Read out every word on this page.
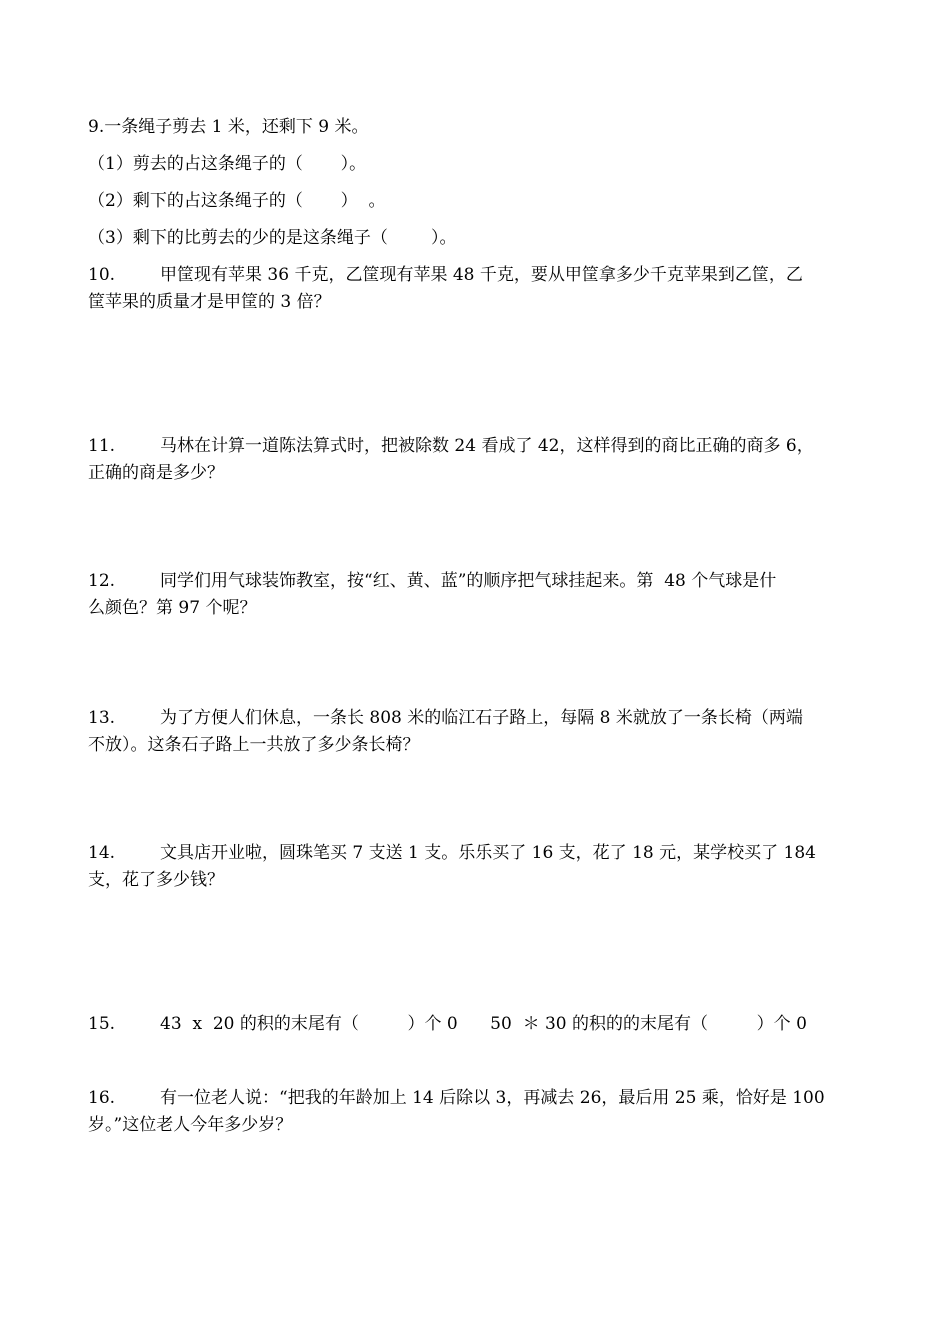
9.一条绳子剪去 1 米，还剩下 9 米。
（1）剪去的占这条绳子的（       ）。
（2）剩下的占这条绳子的（       ）  。
（3）剩下的比剪去的少的是这条绳子（        ）。
10.	甲筐现有苹果 36 千克，乙筐现有苹果 48 千克，要从甲筐拿多少千克苹果到乙筐，乙
筐苹果的质量才是甲筐的 3 倍？
11.	马林在计算一道陈法算式时，把被除数 24 看成了 42，这样得到的商比正确的商多 6，
正确的商是多少？
12.	同学们用气球装饰教室，按“红、黄、蓝”的顺序把气球挂起来。第  48 个气球是什
么颜色？第 97 个呢？
13.	为了方便人们休息，一条长 808 米的临江石子路上，每隔 8 米就放了一条长椅（两端
不放）。这条石子路上一共放了多少条长椅？
14.	文具店开业啦，圆珠笔买 7 支送 1 支。乐乐买了 16 支，花了 18 元，某学校买了 184
支，花了多少钱？
15.	43  x  20 的积的末尾有（         ）个 0      50  ＊ 30 的积的的末尾有（         ）个 0
16.	有一位老人说：“把我的年龄加上 14 后除以 3，再减去 26，最后用 25 乘，恰好是 100
岁。”这位老人今年多少岁？
